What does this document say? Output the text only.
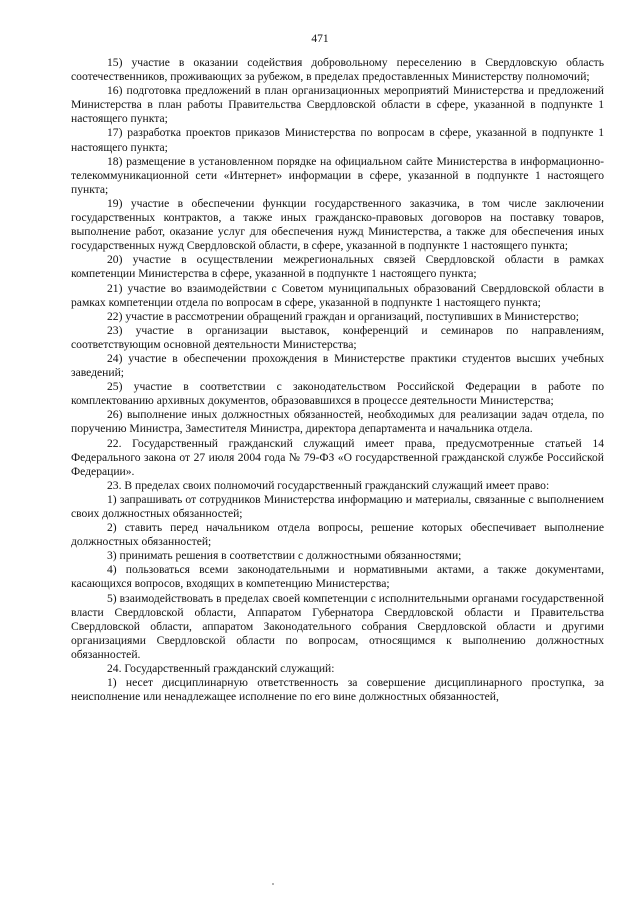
471

15) участие в оказании содействия добровольному переселению в Свердловскую область соотечественников, проживающих за рубежом, в пределах предоставленных Министерству полномочий;

16) подготовка предложений в план организационных мероприятий Министерства и предложений Министерства в план работы Правительства Свердловской области в сфере, указанной в подпункте 1 настоящего пункта;

17) разработка проектов приказов Министерства по вопросам в сфере, указанной в подпункте 1 настоящего пункта;

18) размещение в установленном порядке на официальном сайте Министерства в информационно-телекоммуникационной сети «Интернет» информации в сфере, указанной в подпункте 1 настоящего пункта;

19) участие в обеспечении функции государственного заказчика, в том числе заключении государственных контрактов, а также иных гражданско-правовых договоров на поставку товаров, выполнение работ, оказание услуг для обеспечения нужд Министерства, а также для обеспечения иных государственных нужд Свердловской области, в сфере, указанной в подпункте 1 настоящего пункта;

20) участие в осуществлении межрегиональных связей Свердловской области в рамках компетенции Министерства в сфере, указанной в подпункте 1 настоящего пункта;

21) участие во взаимодействии с Советом муниципальных образований Свердловской области в рамках компетенции отдела по вопросам в сфере, указанной в подпункте 1 настоящего пункта;

22) участие в рассмотрении обращений граждан и организаций, поступивших в Министерство;

23) участие в организации выставок, конференций и семинаров по направлениям, соответствующим основной деятельности Министерства;

24) участие в обеспечении прохождения в Министерстве практики студентов высших учебных заведений;

25) участие в соответствии с законодательством Российской Федерации в работе по комплектованию архивных документов, образовавшихся в процессе деятельности Министерства;

26) выполнение иных должностных обязанностей, необходимых для реализации задач отдела, по поручению Министра, Заместителя Министра, директора департамента и начальника отдела.

22. Государственный гражданский служащий имеет права, предусмотренные статьей 14 Федерального закона от 27 июля 2004 года № 79-ФЗ «О государственной гражданской службе Российской Федерации».

23. В пределах своих полномочий государственный гражданский служащий имеет право:

1) запрашивать от сотрудников Министерства информацию и материалы, связанные с выполнением своих должностных обязанностей;

2) ставить перед начальником отдела вопросы, решение которых обеспечивает выполнение должностных обязанностей;

3) принимать решения в соответствии с должностными обязанностями;

4) пользоваться всеми законодательными и нормативными актами, а также документами, касающихся вопросов, входящих в компетенцию Министерства;

5) взаимодействовать в пределах своей компетенции с исполнительными органами государственной власти Свердловской области, Аппаратом Губернатора Свердловской области и Правительства Свердловской области, аппаратом Законодательного собрания Свердловской области и другими организациями Свердловской области по вопросам, относящимся к выполнению должностных обязанностей.

24. Государственный гражданский служащий:

1) несет дисциплинарную ответственность за совершение дисциплинарного проступка, за неисполнение или ненадлежащее исполнение по его вине должностных обязанностей,
